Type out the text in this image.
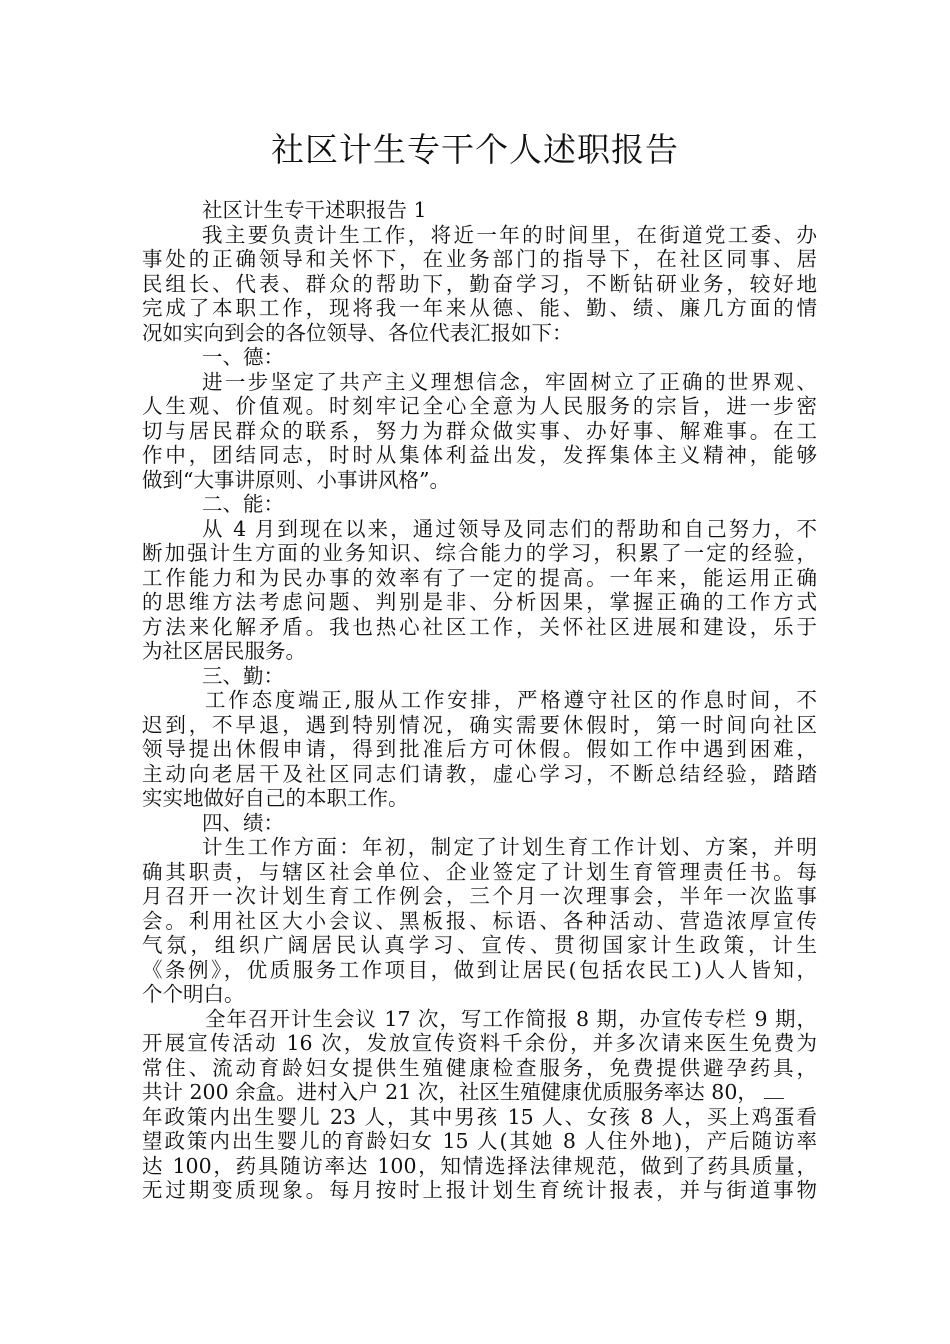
社区计生专干个人述职报告
社区计生专干述职报告 1
我主要负责计生工作，将近一年的时间里，在街道党工委、办
事处的正确领导和关怀下，在业务部门的指导下，在社区同事、居
民组长、代表、群众的帮助下，勤奋学习，不断钻研业务，较好地
完成了本职工作，现将我一年来从德、能、勤、绩、廉几方面的情
况如实向到会的各位领导、各位代表汇报如下：
一、德：
进一步坚定了共产主义理想信念，牢固树立了正确的世界观、
人生观、价值观。时刻牢记全心全意为人民服务的宗旨，进一步密
切与居民群众的联系，努力为群众做实事、办好事、解难事。在工
作中，团结同志，时时从集体利益出发，发挥集体主义精神，能够
做到“大事讲原则、小事讲风格”。
二、能：
从 4 月到现在以来，通过领导及同志们的帮助和自己努力，不
断加强计生方面的业务知识、综合能力的学习，积累了一定的经验，
工作能力和为民办事的效率有了一定的提高。一年来，能运用正确
的思维方法考虑问题、判别是非、分析因果，掌握正确的工作方式
方法来化解矛盾。我也热心社区工作，关怀社区进展和建设，乐于
为社区居民服务。
三、勤：
工作态度端正,服从工作安排，严格遵守社区的作息时间，不
迟到，不早退，遇到特别情况，确实需要休假时，第一时间向社区
领导提出休假申请，得到批准后方可休假。假如工作中遇到困难，
主动向老居干及社区同志们请教，虚心学习，不断总结经验，踏踏
实实地做好自己的本职工作。
四、绩：
计生工作方面：年初，制定了计划生育工作计划、方案，并明
确其职责，与辖区社会单位、企业签定了计划生育管理责任书。每
月召开一次计划生育工作例会，三个月一次理事会，半年一次监事
会。利用社区大小会议、黑板报、标语、各种活动、营造浓厚宣传
气氛，组织广阔居民认真学习、宣传、贯彻国家计生政策，计生
《条例》，优质服务工作项目，做到让居民(包括农民工)人人皆知，
个个明白。
全年召开计生会议 17 次，写工作简报 8 期，办宣传专栏 9 期，
开展宣传活动 16 次，发放宣传资料千余份，并多次请来医生免费为
常住、流动育龄妇女提供生殖健康检查服务，免费提供避孕药具，
共计 200 余盒。进村入户 21 次，社区生殖健康优质服务率达 80，
年政策内出生婴儿 23 人，其中男孩 15 人、女孩 8 人，买上鸡蛋看
望政策内出生婴儿的育龄妇女 15 人(其她 8 人住外地)，产后随访率
达 100，药具随访率达 100，知情选择法律规范，做到了药具质量，
无过期变质现象。每月按时上报计划生育统计报表，并与街道事物
